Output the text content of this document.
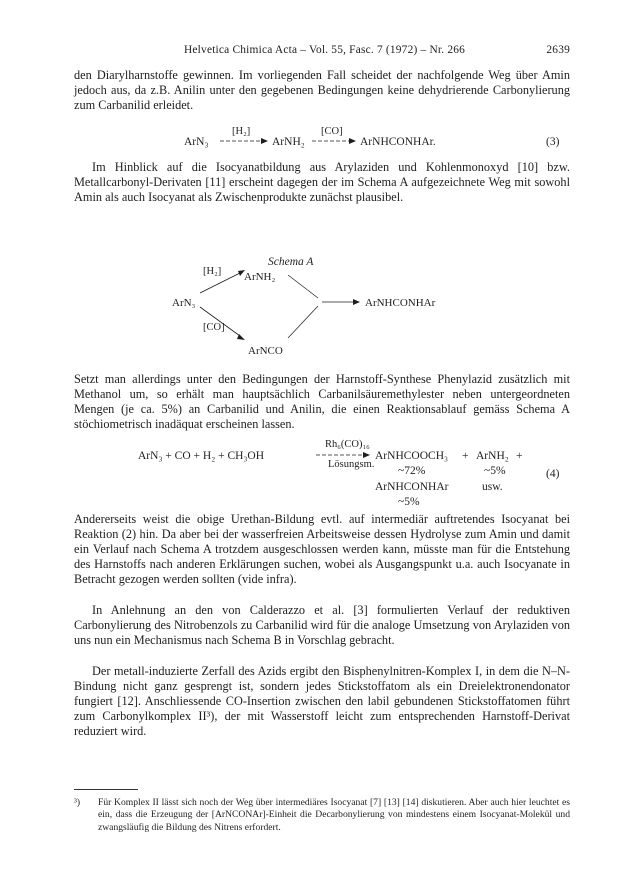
Helvetica Chimica Acta – Vol. 55, Fasc. 7 (1972) – Nr. 266	2639
den Diarylharnstoffe gewinnen. Im vorliegenden Fall scheidet der nachfolgende Weg über Amin jedoch aus, da z.B. Anilin unter den gegebenen Bedingungen keine dehydrierende Carbonylierung zum Carbanilid erleidet.
ArN₃
[H₂]
ArNH₂
[CO]
ArNHCONHAr.	(3)
Im Hinblick auf die Isocyanatbildung aus Arylaziden und Kohlenmonoxyd [10] bzw. Metallcarbonyl-Derivaten [11] erscheint dagegen der im Schema A aufgezeichnete Weg mit sowohl Amin als auch Isocyanat als Zwischenprodukte zunächst plausibel.
Schema A
ArNH₂
[H₂]
ArN₃	ArNHCONHAr
[CO]
ArNCO
Setzt man allerdings unter den Bedingungen der Harnstoff-Synthese Phenylazid zusätzlich mit Methanol um, so erhält man hauptsächlich Carbanilsäuremethylester neben untergeordneten Mengen (je ca. 5%) an Carbanilid und Anilin, die einen Reaktionsablauf gemäss Schema A stöchiometrisch inadäquat erscheinen lassen.
ArN₃ + CO + H₂ + CH₃OH
Rh₆(CO)₁₆
Lösungsm.
ArNHCOOCH₃ + ArNH₂ +
~72%	~5%	(4)
ArNHCONHAr	usw.
~5%
Andererseits weist die obige Urethan-Bildung evtl. auf intermediär auftretendes Isocyanat bei Reaktion (2) hin. Da aber bei der wasserfreien Arbeitsweise dessen Hydrolyse zum Amin und damit ein Verlauf nach Schema A trotzdem ausgeschlossen werden kann, müsste man für die Entstehung des Harnstoffs nach anderen Erklärungen suchen, wobei als Ausgangspunkt u.a. auch Isocyanate in Betracht gezogen werden sollten (vide infra).
In Anlehnung an den von Calderazzo et al. [3] formulierten Verlauf der reduktiven Carbonylierung des Nitrobenzols zu Carbanilid wird für die analoge Umsetzung von Arylaziden von uns nun ein Mechanismus nach Schema B in Vorschlag gebracht.
Der metall-induzierte Zerfall des Azids ergibt den Bisphenylnitren-Komplex I, in dem die N–N-Bindung nicht ganz gesprengt ist, sondern jedes Stickstoffatom als ein Dreielektronendonator fungiert [12]. Anschliessende CO-Insertion zwischen den labil gebundenen Stickstoffatomen führt zum Carbonylkomplex II³), der mit Wasserstoff leicht zum entsprechenden Harnstoff-Derivat reduziert wird.
³) Für Komplex II lässt sich noch der Weg über intermediäres Isocyanat [7] [13] [14] diskutieren. Aber auch hier leuchtet es ein, dass die Erzeugung der [ArNCONAr]-Einheit die Decarbonylierung von mindestens einem Isocyanat-Molekül und zwangsläufig die Bildung des Nitrens erfordert.
